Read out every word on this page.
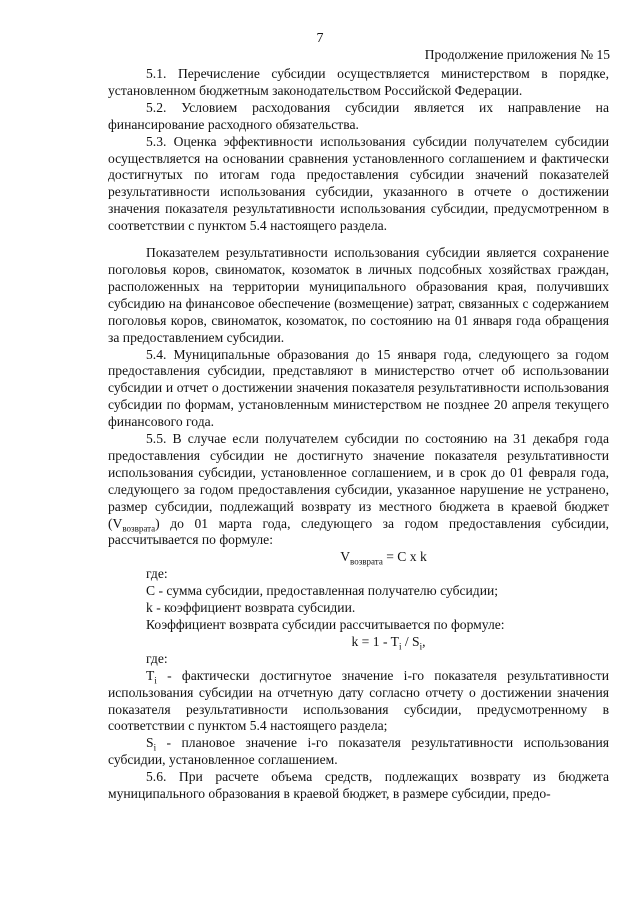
7
Продолжение приложения № 15

5.1. Перечисление субсидии осуществляется министерством в порядке, установленном бюджетным законодательством Российской Федерации.

5.2. Условием расходования субсидии является их направление на финансирование расходного обязательства.

5.3. Оценка эффективности использования субсидии получателем субсидии осуществляется на основании сравнения установленного соглашением и фактически достигнутых по итогам года предоставления субсидии значений показателей результативности использования субсидии, указанного в отчете о достижении значения показателя результативности использования субсидии, предусмотренном в соответствии с пунктом 5.4 настоящего раздела.

Показателем результативности использования субсидии является сохранение поголовья коров, свиноматок, козоматок в личных подсобных хозяйствах граждан, расположенных на территории муниципального образования края, получивших субсидию на финансовое обеспечение (возмещение) затрат, связанных с содержанием поголовья коров, свиноматок, козоматок, по состоянию на 01 января года обращения за предоставлением субсидии.

5.4. Муниципальные образования до 15 января года, следующего за годом предоставления субсидии, представляют в министерство отчет об использовании субсидии и отчет о достижении значения показателя результативности использования субсидии по формам, установленным министерством не позднее 20 апреля текущего финансового года.

5.5. В случае если получателем субсидии по состоянию на 31 декабря года предоставления субсидии не достигнуто значение показателя результативности использования субсидии, установленное соглашением, и в срок до 01 февраля года, следующего за годом предоставления субсидии, указанное нарушение не устранено, размер субсидии, подлежащий возврату из местного бюджета в краевой бюджет $(V_{возврата})$ до 01 марта года, следующего за годом предоставления субсидии, рассчитывается по формуле:

$V_{возврата} = C$ x k

где:

C - сумма субсидии, предоставленная получателю субсидии;

k - коэффициент возврата субсидии.

Коэффициент возврата субсидии рассчитывается по формуле:

$k = 1 - T_i / S_i$,

где:

$T_i$ - фактически достигнутое значение i-го показателя результативности использования субсидии на отчетную дату согласно отчету о достижении значения показателя результативности использования субсидии, предусмотренному в соответствии с пунктом 5.4 настоящего раздела;

$S_i$ - плановое значение i-го показателя результативности использования субсидии, установленное соглашением.

5.6. При расчете объема средств, подлежащих возврату из бюджета муниципального образования в краевой бюджет, в размере субсидии, предо-
